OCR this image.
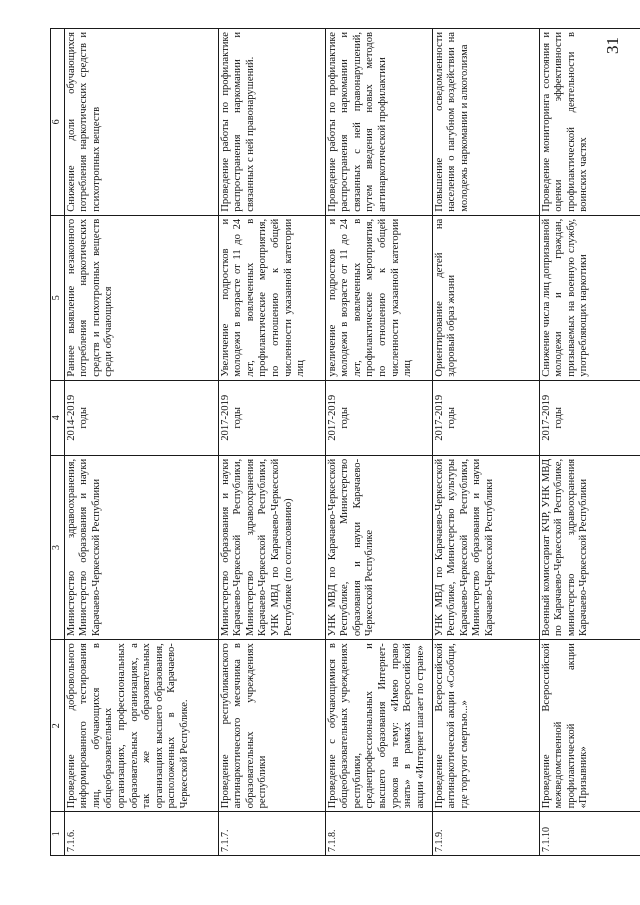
31
1	2	3	4	5	6
7.1.6.	Проведение добровольного информированного тестирования лиц, обучающихся в общеобразовательных организациях, профессиональных образовательных организациях, а так же образовательных организациях высшего образования, расположенных в Карачаево-Черкесской Республике.	Министерство здравоохранения, Министерство образования и науки Карачаево-Черкесской Республики	2014-2019 годы	Раннее выявление незаконного потребления наркотических средств и психотропных веществ среди обучающихся	Снижение доли обучающихся потребления наркотических средств и психотропных веществ
7.1.7.	Проведение республиканского антинаркотического месячника в образовательных учреждениях республики	Министерство образования и науки Карачаево-Черкесской Республики, Министерство здравоохранения Карачаево-Черкесской Республики, УНК МВД по Карачаево-Черкесской Республике (по согласованию)	2017-2019 годы	Увеличение подростков и молодежи в возрасте от 11 до 24 лет, вовлеченных в профилактические мероприятия, по отношению к общей численности указанной категории лиц	Проведение работы по профилактике распространения наркомании и связанных с ней правонарушений.
7.1.8.	Проведение с обучающимися в общеобразовательных учреждениях республики, среднепрофессиональных и высшего образования Интернет-уроков на тему: «Имею право знать» в рамках Всероссийской акции «Интернет шагает по стране»	УНК МВД по Карачаево-Черкесской Республике, Министерство образования и науки Карачаево-Черкесской Республике	2017-2019 годы	увеличение подростков и молодежи в возрасте от 11 до 24 лет, вовлеченных в профилактические мероприятия, по отношению к общей численности указанной категории лиц	Проведение работы по профилактике распространения наркомании и связанных с ней правонарушений, путем введения новых методов антинаркотической профилактики
7.1.9.	Проведение Всероссийской антинаркотической акции «Сообщи, где торгуют смертью...»	УНК МВД по Карачаево-Черкесской Республике, Министерство культуры Карачаево-Черкесской Республики, Министерство образования и науки Карачаево-Черкесской Республики	2017-2019 годы	Ориентирование детей на здоровый образ жизни	Повышение осведомленности населения о пагубном воздействии на молодежь наркомании и алкоголизма
7.1.10	Проведение Всероссийской межведомственной профилактической акции «Призывник»	Военный комиссариат КЧР, УНК МВД по Карачаево-Черкесской Республике, министерство здравоохранения Карачаево-Черкесской Республики	2017-2019 годы	Снижение числа лиц допризывной молодежи и граждан, призываемых на военную службу, употребляющих наркотики	Проведение мониторинга состояния и оценки эффективности профилактической деятельности в воинских частях
